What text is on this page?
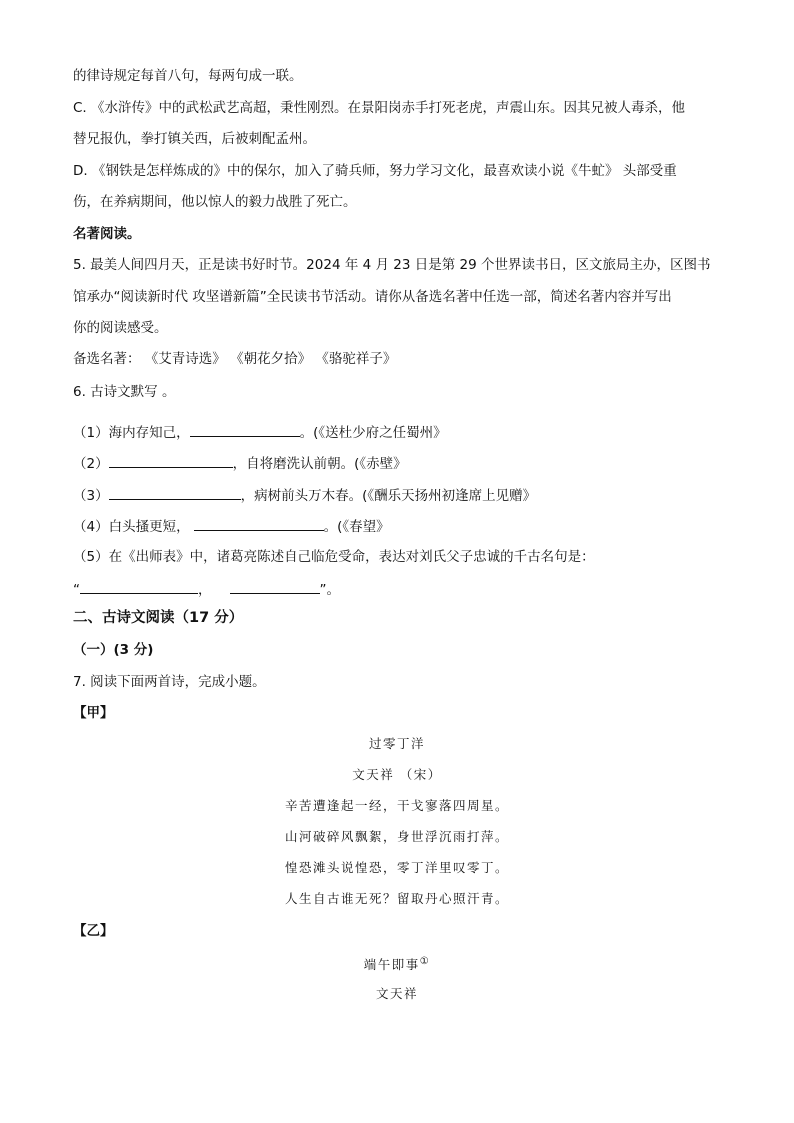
的律诗规定每首八句，每两句成一联。
C. 《水浒传》中的武松武艺高超，秉性刚烈。在景阳岗赤手打死老虎，声震山东。因其兄被人毒杀，他
替兄报仇，拳打镇关西，后被刺配孟州。
D. 《钢铁是怎样炼成的》中的保尔，加入了骑兵师，努力学习文化，最喜欢读小说《牛虻》 头部受重
伤，在养病期间，他以惊人的毅力战胜了死亡。
名著阅读。
5. 最美人间四月天，正是读书好时节。2024 年 4 月 23 日是第 29 个世界读书日，区文旅局主办，区图书
馆承办“阅读新时代 攻坚谱新篇”全民读书节活动。请你从备选名著中任选一部，简述名著内容并写出
你的阅读感受。
备选名著： 《艾青诗选》 《朝花夕拾》 《骆驼祥子》
6. 古诗文默写 。
（1）海内存知己，	。(《送杜少府之任蜀州》
（2）	，自将磨洗认前朝。(《赤壁》
（3）	，病树前头万木春。(《酬乐天扬州初逢席上见赠》
（4）白头搔更短，	。(《春望》
（5）在《出师表》中，诸葛亮陈述自己临危受命，表达对刘氏父子忠诚的千古名句是：
“	，	”。
二、古诗文阅读（17 分）
（一）(3 分)
7. 阅读下面两首诗，完成小题。
【甲】
过零丁洋
文天祥 （宋）
辛苦遭逢起一经，干戈寥落四周星。
山河破碎风飘絮，身世浮沉雨打萍。
惶恐滩头说惶恐，零丁洋里叹零丁。
人生自古谁无死？留取丹心照汗青。
【乙】
端午即事①
文天祥
